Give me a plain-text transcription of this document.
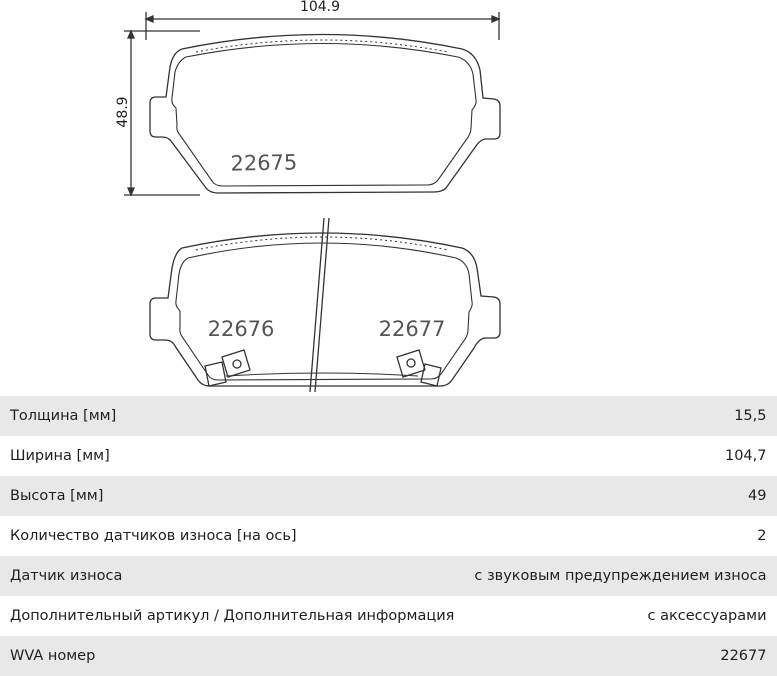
104.9
48.9
22675
22676	22677
Толщина [мм]	15,5
Ширина [мм]	104,7
Высота [мм]	49
Количество датчиков износа [на ось]	2
Датчик износа	с звуковым предупреждением износа
Дополнительный артикул / Дополнительная информация	с аксессуарами
WVA номер	22677
